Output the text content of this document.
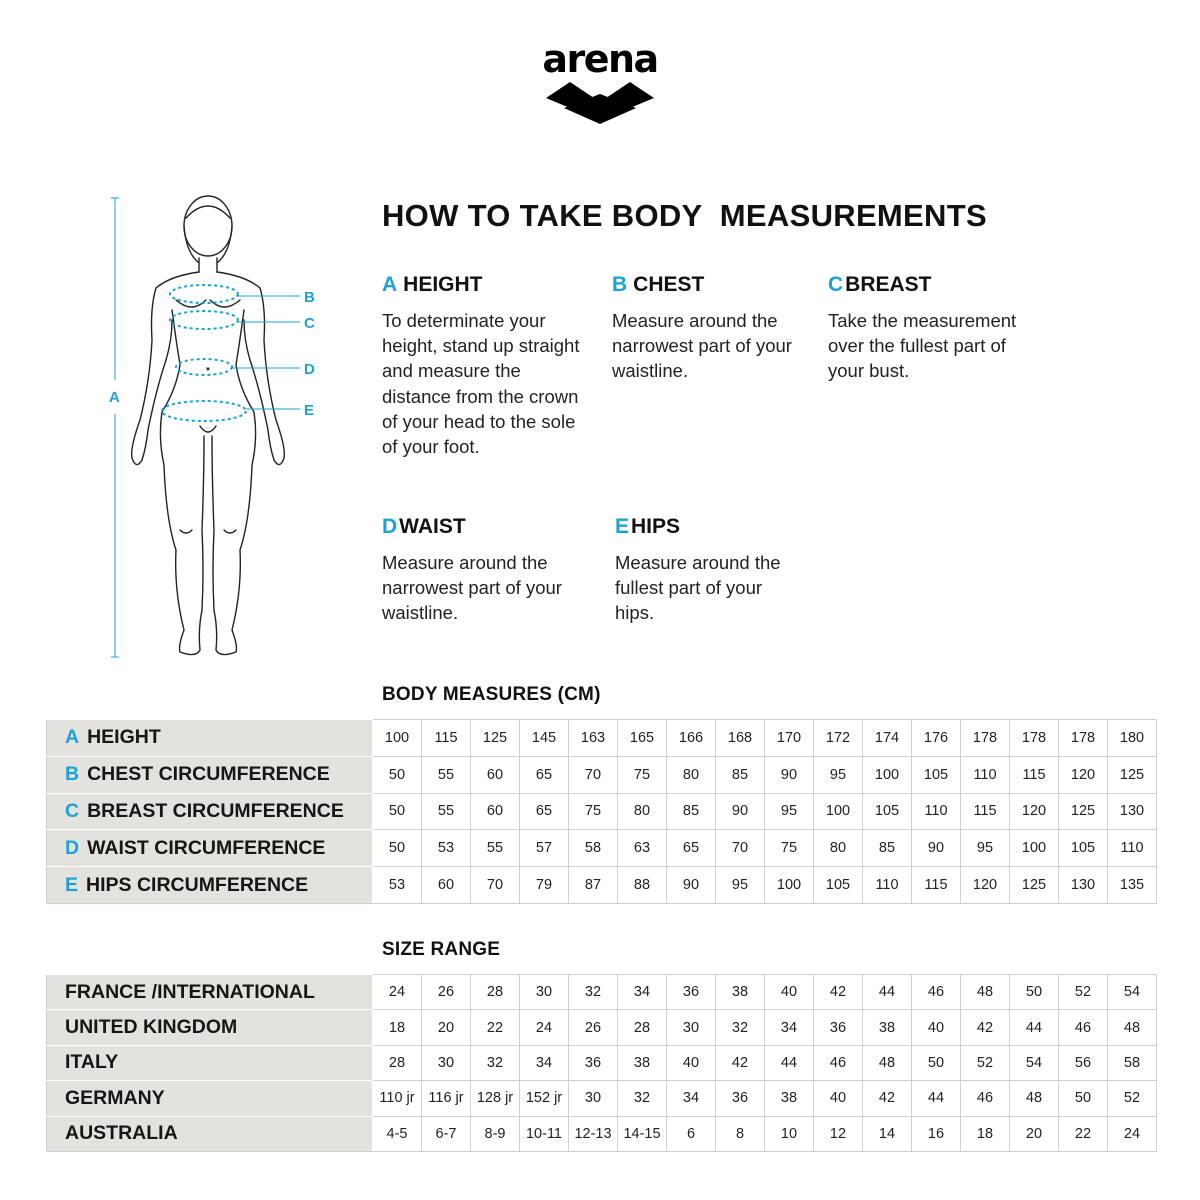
arena
A
B
C
D
E
HOW TO TAKE BODY  MEASUREMENTS
A HEIGHT

To determinate your height, stand up straight and measure the distance from the crown of your head to the sole of your foot.

B CHEST

Measure around the narrowest part of your waistline.

CBREAST

Take the measurement over the fullest part of your bust.

DWAIST

Measure around the narrowest part of your waistline.

EHIPS

Measure around the fullest part of your hips.

BODY MEASURES (CM)
A HEIGHT	100	115	125	145	163	165	166	168	170	172	174	176	178	178	178	180
B CHEST CIRCUMFERENCE	50	55	60	65	70	75	80	85	90	95	100	105	110	115	120	125
C BREAST CIRCUMFERENCE	50	55	60	65	75	80	85	90	95	100	105	110	115	120	125	130
D WAIST CIRCUMFERENCE	50	53	55	57	58	63	65	70	75	80	85	90	95	100	105	110
E HIPS CIRCUMFERENCE	53	60	70	79	87	88	90	95	100	105	110	115	120	125	130	135
SIZE RANGE
FRANCE /INTERNATIONAL	24	26	28	30	32	34	36	38	40	42	44	46	48	50	52	54
UNITED KINGDOM	18	20	22	24	26	28	30	32	34	36	38	40	42	44	46	48
ITALY	28	30	32	34	36	38	40	42	44	46	48	50	52	54	56	58
GERMANY	110 jr	116 jr	128 jr	152 jr	30	32	34	36	38	40	42	44	46	48	50	52
AUSTRALIA	4-5	6-7	8-9	10-11	12-13	14-15	6	8	10	12	14	16	18	20	22	24
